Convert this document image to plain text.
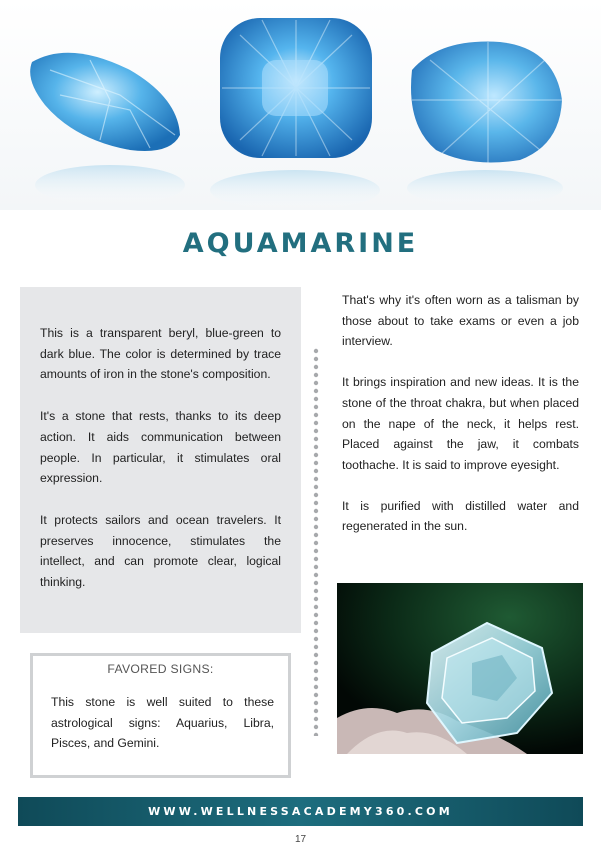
AQUAMARINE

This is a transparent beryl, blue-green to dark blue. The color is determined by trace amounts of iron in the stone's composition.

It's a stone that rests, thanks to its deep action. It aids communication between people. In particular, it stimulates oral expression.

It protects sailors and ocean travelers. It preserves innocence, stimulates the intellect, and can promote clear, logical thinking.

That's why it's often worn as a talisman by those about to take exams or even a job interview.

It brings inspiration and new ideas. It is the stone of the throat chakra, but when placed on the nape of the neck, it helps rest. Placed against the jaw, it combats toothache. It is said to improve eyesight.

It is purified with distilled water and regenerated in the sun.

FAVORED SIGNS:
This stone is well suited to these astrological signs: Aquarius, Libra, Pisces, and Gemini.
WWW.WELLNESSACADEMY360.COM
17
